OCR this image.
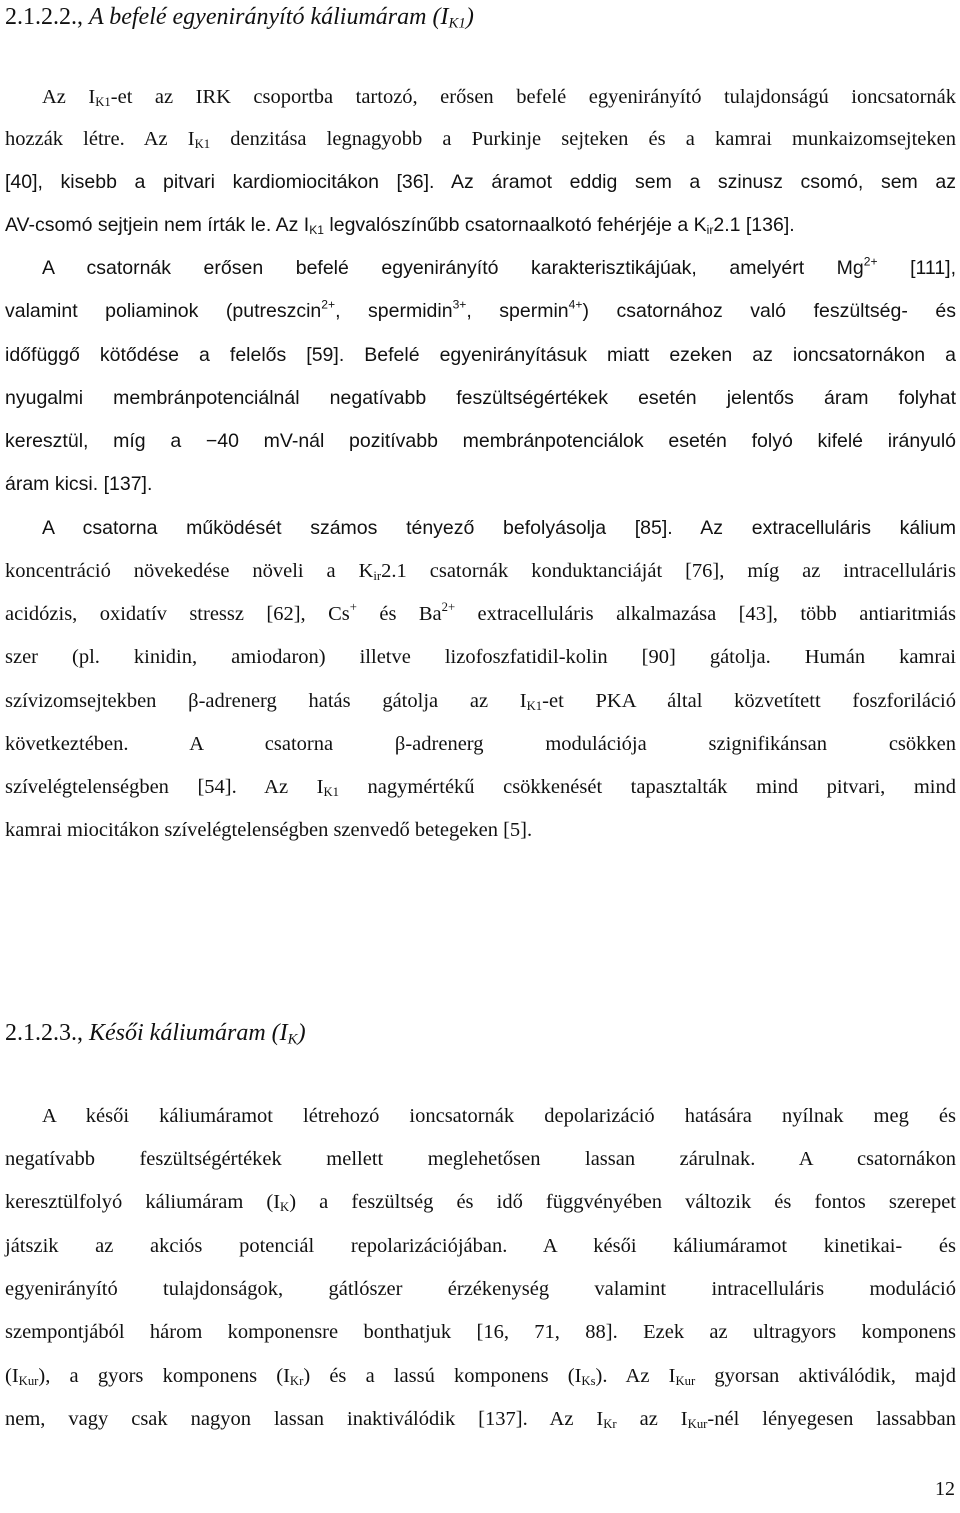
2.1.2.2., A befelé egyenirányító káliumáram $(I_{K1})$
Az $I_{K1}-et$ az IRK csoportba tartozó, erősen befelé egyenirányító tulajdonságú ioncsatornák
hozzák létre. Az $I_{K1}$ denzitása legnagyobb a Purkinje sejteken és a kamrai munkaizomsejteken
[40], kisebb a pitvari kardiomiocitákon [36]. Az áramot eddig sem a szinusz csomó, sem az
AV-csomó sejtjein nem írták le. Az $I_{K1}$ legvalószínűbb csatornaalkotó fehérjéje a $K_{ir}2.1$ [136].
A csatornák erősen befelé egyenirányító karakterisztikájúak, amelyért $Mg^{2+}$ [111],
valamint poliaminok (putreszcin$^{2+}$, spermidin$^{3+}$, spermin$^{4+}$) csatornához való feszültség- és
időfüggő kötődése a felelős [59]. Befelé egyenirányításuk miatt ezeken az ioncsatornákon a
nyugalmi membránpotenciálnál negatívabb feszültségértékek esetén jelentős áram folyhat
keresztül, míg a −40 mV-nál pozitívabb membránpotenciálok esetén folyó kifelé irányuló
áram kicsi. [137].
A csatorna működését számos tényező befolyásolja [85]. Az extracelluláris kálium
koncentráció növekedése növeli a $K_{ir}2.1$ csatornák konduktanciáját [76], míg az intracelluláris
acidózis, oxidatív stressz [62], Cs+ és $Ba^{2+}$ extracelluláris alkalmazása [43], több antiaritmiás
szer (pl. kinidin, amiodaron) illetve lizofoszfatidil-kolin [90] gátolja. Humán kamrai
szívizomsejtekben β-adrenerg hatás gátolja az $I_{K1}-et$ PKA által közvetített foszforiláció
következtében. A csatorna β-adrenerg modulációja szignifikánsan csökken
szívelégtelenségben [54]. Az $I_{K1}$ nagymértékű csökkenését tapasztalták mind pitvari, mind
kamrai miocitákon szívelégtelenségben szenvedő betegeken [5].
2.1.2.3., Késői káliumáram $(I_K)$
A késői káliumáramot létrehozó ioncsatornák depolarizáció hatására nyílnak meg és
negatívabb feszültségértékek mellett meglehetősen lassan zárulnak. A csatornákon
keresztülfolyó káliumáram $(I_K)$ a feszültség és idő függvényében változik és fontos szerepet
játszik az akciós potenciál repolarizációjában. A késői káliumáramot kinetikai- és
egyenirányító tulajdonságok, gátlószer érzékenység valamint intracelluláris moduláció
szempontjából három komponensre bonthatjuk [16, 71, 88]. Ezek az ultragyors komponens
$(I_{Kur})$, a gyors komponens $(I_{Kr})$ és a lassú komponens $(I_{Ks})$. Az $I_{Kur}$ gyorsan aktiválódik, majd
nem, vagy csak nagyon lassan inaktiválódik [137]. Az $I_{Kr}$ az $I_{Kur}$-nél lényegesen lassabban
12
